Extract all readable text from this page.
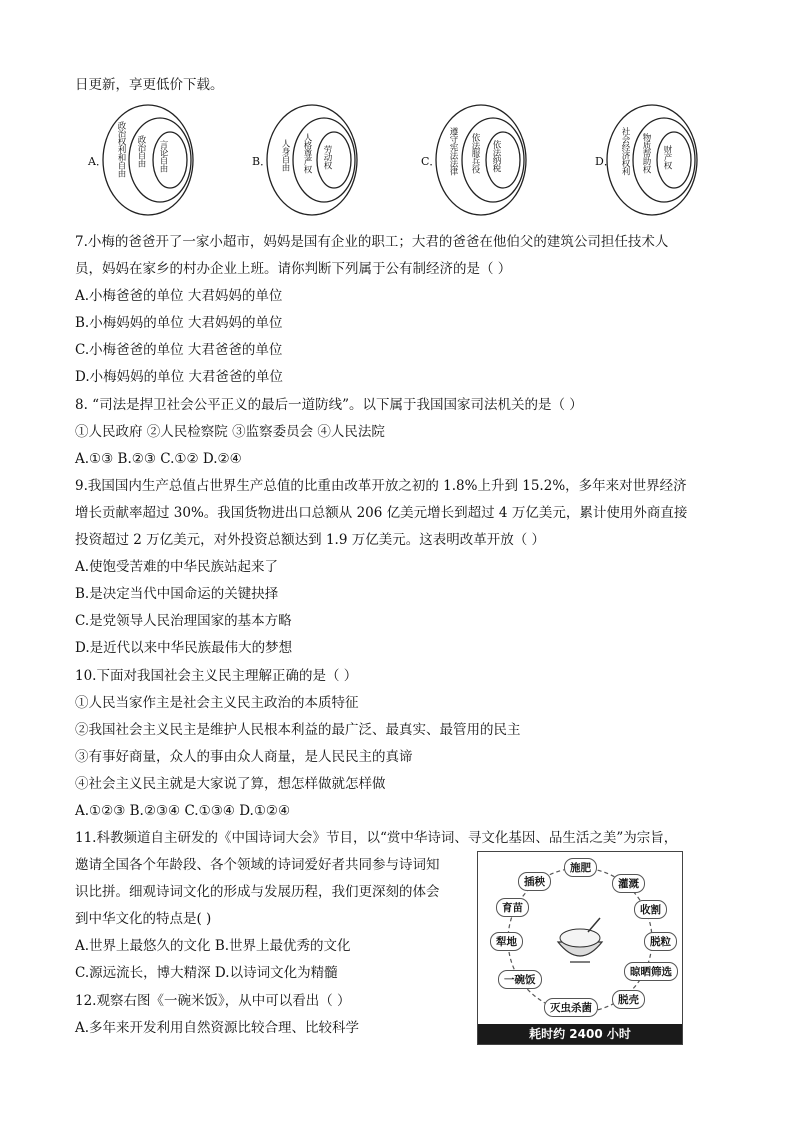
日更新，享更低价下载。
A． 政治权利和自由 政治自由 言论自由	B． 人身自由 人格尊严权 劳动权	C． 遵守宪法法律 依法服兵役 依法纳税	D． 社会经济权利 物质帮助权 财产权
7.小梅的爸爸开了一家小超市，妈妈是国有企业的职工；大君的爸爸在他伯父的建筑公司担任技术人
员，妈妈在家乡的村办企业上班。请你判断下列属于公有制经济的是（ ）
A.小梅爸爸的单位 大君妈妈的单位
B.小梅妈妈的单位 大君妈妈的单位
C.小梅爸爸的单位 大君爸爸的单位
D.小梅妈妈的单位 大君爸爸的单位
8. “司法是捍卫社会公平正义的最后一道防线”。以下属于我国国家司法机关的是（ ）
①人民政府 ②人民检察院 ③监察委员会 ④人民法院
A.①③ B.②③ C.①② D.②④
9.我国国内生产总值占世界生产总值的比重由改革开放之初的 1.8%上升到 15.2%，多年来对世界经济
增长贡献率超过 30%。我国货物进出口总额从 206 亿美元增长到超过 4 万亿美元，累计使用外商直接
投资超过 2 万亿美元，对外投资总额达到 1.9 万亿美元。这表明改革开放（ ）
A.使饱受苦难的中华民族站起来了
B.是决定当代中国命运的关键抉择
C.是党领导人民治理国家的基本方略
D.是近代以来中华民族最伟大的梦想
10.下面对我国社会主义民主理解正确的是（ ）
①人民当家作主是社会主义民主政治的本质特征
②我国社会主义民主是维护人民根本利益的最广泛、最真实、最管用的民主
③有事好商量，众人的事由众人商量，是人民民主的真谛
④社会主义民主就是大家说了算，想怎样做就怎样做
A.①②③ B.②③④ C.①③④ D.①②④
11.科教频道自主研发的《中国诗词大会》节目，以“赏中华诗词、寻文化基因、品生活之美”为宗旨，
邀请全国各个年龄段、各个领域的诗词爱好者共同参与诗词知
识比拼。细观诗词文化的形成与发展历程，我们更深刻的体会
到中华文化的特点是( )
A.世界上最悠久的文化 B.世界上最优秀的文化
C.源远流长，博大精深 D.以诗词文化为精髓
12.观察右图《一碗米饭》，从中可以看出（ ）
A.多年来开发利用自然资源比较合理、比较科学
施肥
灌溉
收割
脱粒
晾晒筛选
脱壳
灭虫杀菌
一碗饭
犁地
育苗
插秧
耗时约 2400 小时
